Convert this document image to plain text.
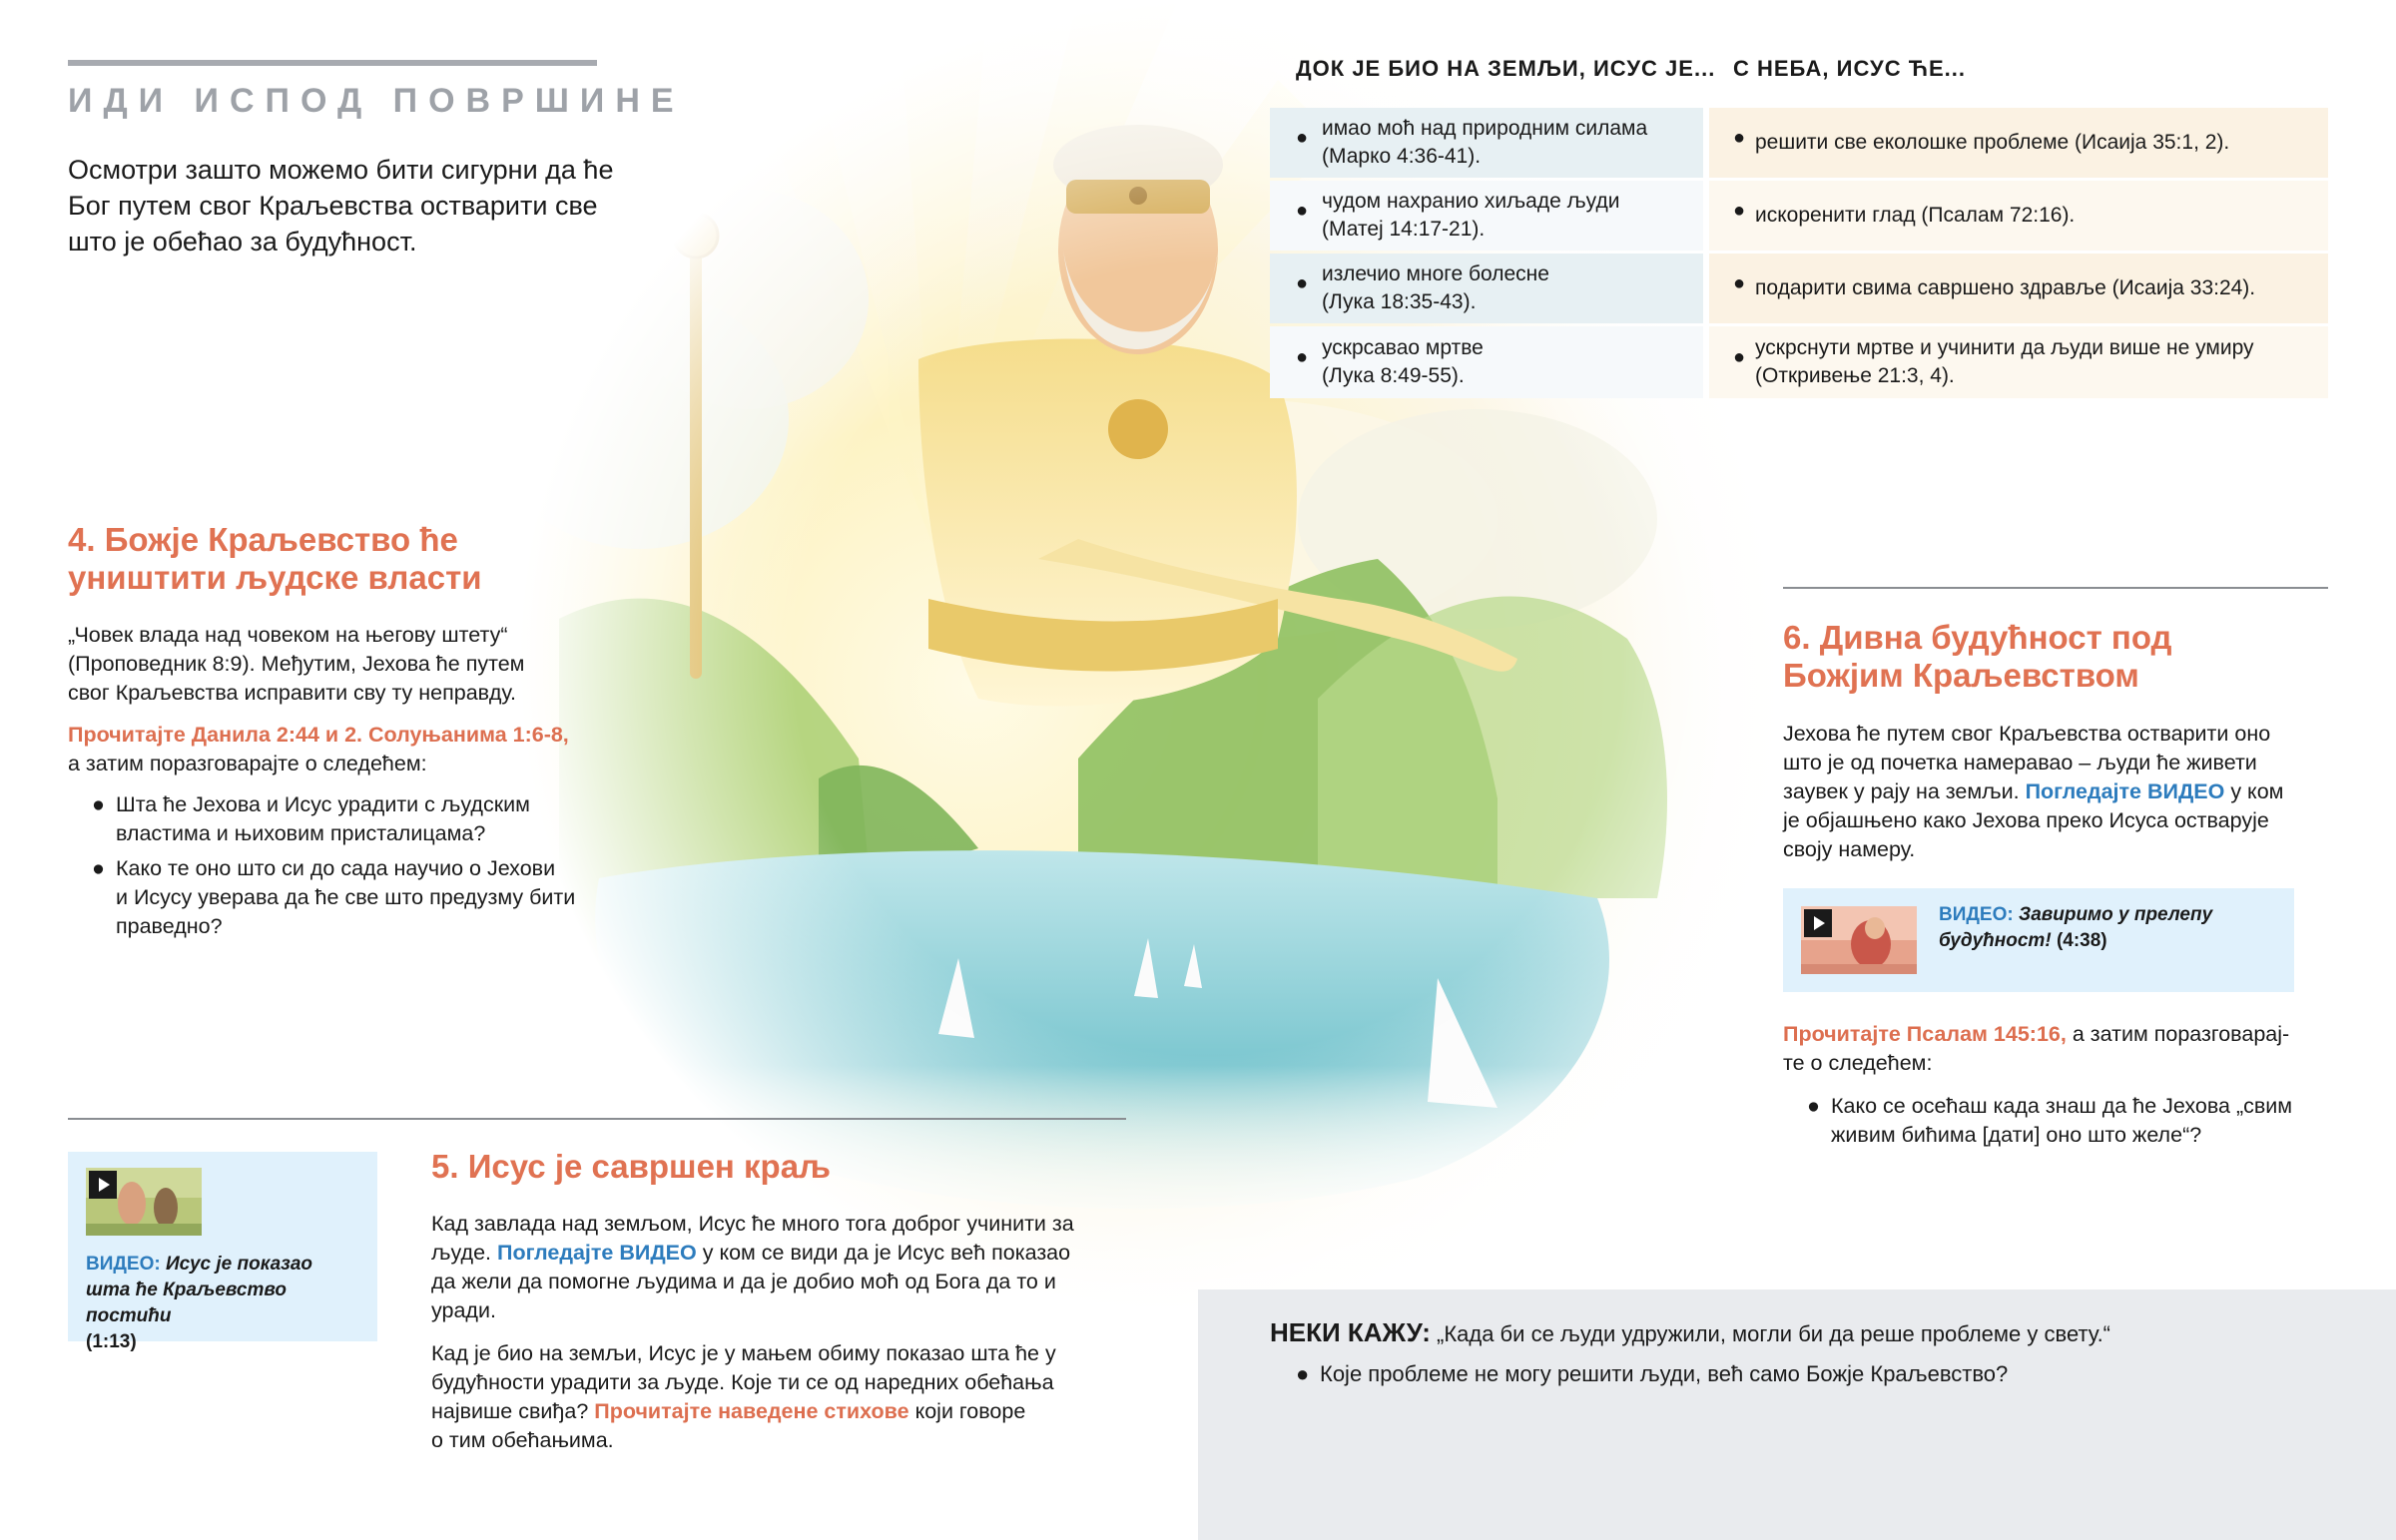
ИДИ ИСПОД ПОВРШИНЕ
Осмотри зашто можемо бити сигурни да ће Бог путем свог Краљевства остварити све што је обећао за будућност.
ДОК ЈЕ БИО НА ЗЕМЉИ, ИСУС ЈЕ... С НЕБА, ИСУС ЋЕ...
● имао моћ над природним силама
(Марко 4:36-41).
● чудом нахранио хиљаде људи
(Матеј 14:17-21).
● излечио многе болесне
(Лука 18:35-43).
● ускрсавао мртве
(Лука 8:49-55).
● решити све еколошке проблеме (Исаија 35:1, 2).
● искоренити глад (Псалам 72:16).
● подарити свима савршено здравље (Исаија 33:24).
● ускрснути мртве и учинити да људи више не умиру
(Откривење 21:3, 4).
4. Божје Краљевство ће
уништити људске власти
„Човек влада над човеком на његову штету“
(Проповедник 8:9). Међутим, Јехова ће путем
свог Краљевства исправити сву ту неправду.
Прочитајте Данила 2:44 и 2. Солуњанима 1:6-8,
а затим поразговарајте о следећем:
● Шта ће Јехова и Исус урадити с људским
властима и њиховим присталицама?
● Како те оно што си до сада научио о Јехови
и Исусу уверава да ће све што предузму бити
праведно?
ВИДЕО: Исус је показао
шта ће Краљевство постићи
(1:13)
5. Исус је савршен краљ
Кад завлада над земљом, Исус ће много тога доброг учинити за
људе. Погледајте ВИДЕО у ком се види да је Исус већ показао
да жели да помогне људима и да је добио моћ од Бога да то и
уради.
Кад је био на земљи, Исус је у мањем обиму показао шта ће у
будућности урадити за људе. Које ти се од наредних обећања
највише свиђа? Прочитајте наведене стихове који говоре
о тим обећањима.
6. Дивна будућност под
Божјим Краљевством
Јехова ће путем свог Краљевства остварити оно
што је од почетка намеравао – људи ће живети
заувек у рају на земљи. Погледајте ВИДЕО у ком
је објашњено како Јехова преко Исуса остварује
своју намеру.
ВИДЕО: Завиримо у прелепу
будућност! (4:38)
Прочитајте Псалам 145:16, а затим поразговарај-
те о следећем:
● Како се осећаш када знаш да ће Јехова „свим
живим бићима [дати] оно што желе“?
НЕКИ КАЖУ: „Када би се људи удружили, могли би да реше проблеме у свету.“
● Које проблеме не могу решити људи, већ само Божје Краљевство?
